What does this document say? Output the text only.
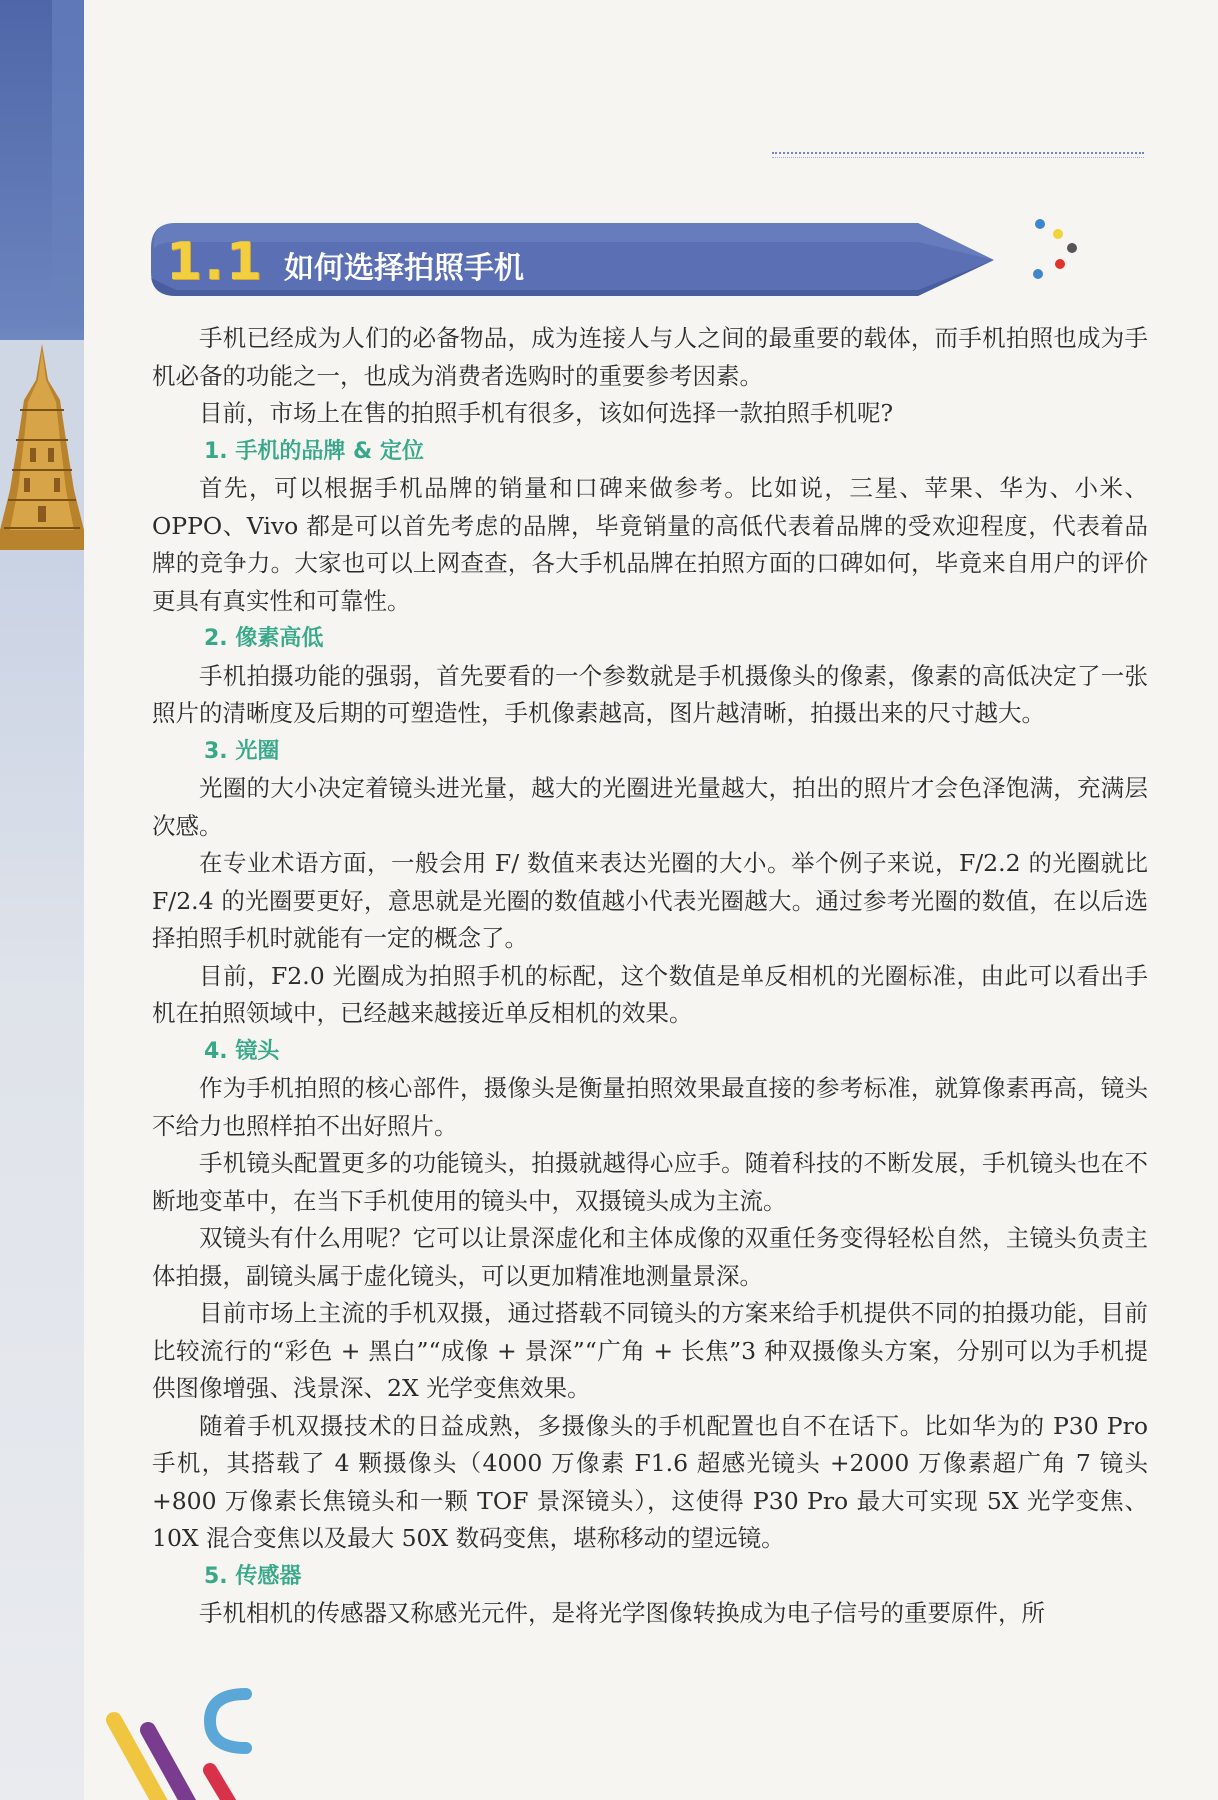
1.1 如何选择拍照手机

手机已经成为人们的必备物品，成为连接人与人之间的最重要的载体，而手机拍照也成为手机必备的功能之一，也成为消费者选购时的重要参考因素。

目前，市场上在售的拍照手机有很多，该如何选择一款拍照手机呢?

1. 手机的品牌 & 定位

首先，可以根据手机品牌的销量和口碑来做参考。比如说，三星、苹果、华为、小米、OPPO、Vivo 都是可以首先考虑的品牌，毕竟销量的高低代表着品牌的受欢迎程度，代表着品牌的竞争力。大家也可以上网查查，各大手机品牌在拍照方面的口碑如何，毕竟来自用户的评价更具有真实性和可靠性。

2. 像素高低

手机拍摄功能的强弱，首先要看的一个参数就是手机摄像头的像素，像素的高低决定了一张照片的清晰度及后期的可塑造性，手机像素越高，图片越清晰，拍摄出来的尺寸越大。

3. 光圈

光圈的大小决定着镜头进光量，越大的光圈进光量越大，拍出的照片才会色泽饱满，充满层次感。

在专业术语方面，一般会用 F/ 数值来表达光圈的大小。举个例子来说，F/2.2 的光圈就比 F/2.4 的光圈要更好，意思就是光圈的数值越小代表光圈越大。通过参考光圈的数值，在以后选择拍照手机时就能有一定的概念了。

目前，F2.0 光圈成为拍照手机的标配，这个数值是单反相机的光圈标准，由此可以看出手机在拍照领域中，已经越来越接近单反相机的效果。

4. 镜头

作为手机拍照的核心部件，摄像头是衡量拍照效果最直接的参考标准，就算像素再高，镜头不给力也照样拍不出好照片。

手机镜头配置更多的功能镜头，拍摄就越得心应手。随着科技的不断发展，手机镜头也在不断地变革中，在当下手机使用的镜头中，双摄镜头成为主流。

双镜头有什么用呢？它可以让景深虚化和主体成像的双重任务变得轻松自然，主镜头负责主体拍摄，副镜头属于虚化镜头，可以更加精准地测量景深。

目前市场上主流的手机双摄，通过搭载不同镜头的方案来给手机提供不同的拍摄功能，目前比较流行的“彩色 + 黑白”“成像 + 景深”“广角 + 长焦”3 种双摄像头方案，分别可以为手机提供图像增强、浅景深、2X 光学变焦效果。

随着手机双摄技术的日益成熟，多摄像头的手机配置也自不在话下。比如华为的 P30 Pro 手机，其搭载了 4 颗摄像头（4000 万像素 F1.6 超感光镜头 +2000 万像素超广角 7 镜头 +800 万像素长焦镜头和一颗 TOF 景深镜头），这使得 P30 Pro 最大可实现 5X 光学变焦、10X 混合变焦以及最大 50X 数码变焦，堪称移动的望远镜。

5. 传感器

手机相机的传感器又称感光元件，是将光学图像转换成为电子信号的重要原件，所
